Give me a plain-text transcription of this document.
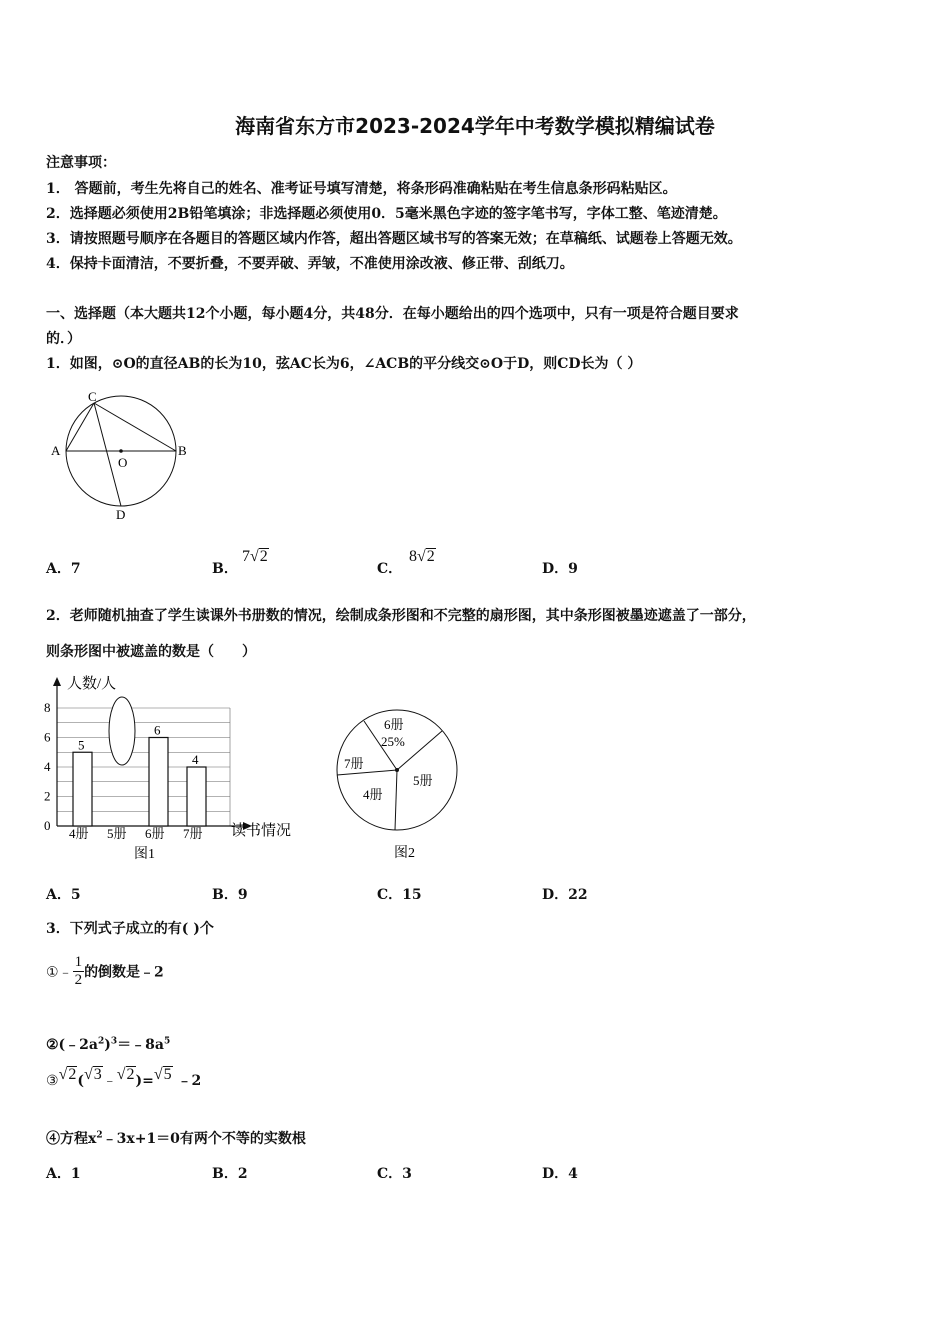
海南省东方市2023-2024学年中考数学模拟精编试卷
注意事项：
1． 答题前，考生先将自己的姓名、准考证号填写清楚，将条形码准确粘贴在考生信息条形码粘贴区。
2．选择题必须使用2B铅笔填涂；非选择题必须使用0．5毫米黑色字迹的签字笔书写，字体工整、笔迹清楚。
3．请按照题号顺序在各题目的答题区域内作答，超出答题区域书写的答案无效；在草稿纸、试题卷上答题无效。
4．保持卡面清洁，不要折叠，不要弄破、弄皱，不准使用涂改液、修正带、刮纸刀。
一、选择题（本大题共12个小题，每小题4分，共48分．在每小题给出的四个选项中，只有一项是符合题目要求
的．）
1．如图，⊙O的直径AB的长为10，弦AC长为6，∠ACB的平分线交⊙O于D，则CD长为（ ）
A	B
C
O
D
A．7	B．
7√2
C．
8√2
D．9
2．老师随机抽查了学生读课外书册数的情况，绘制成条形图和不完整的扇形图，其中条形图被墨迹遮盖了一部分，
则条形图中被遮盖的数是（　　）
5
6
4
0
2
4
6
8
4册 5册 6册 7册
人数/人
读书情况
图1
6册
25%
7册
4册
5册
图2
A．5	B．9	C．15	D．22
3．下列式子成立的有( )个
①﹣ $\frac{1}{2}$ 的倒数是﹣2
$②(﹣2a^2)^3=﹣8a^5$
③√2(√3﹣√2)=√5 ﹣2
④方程$x^2﹣3x+1=0$有两个不等的实数根
A．1	B．2	C．3	D．4
